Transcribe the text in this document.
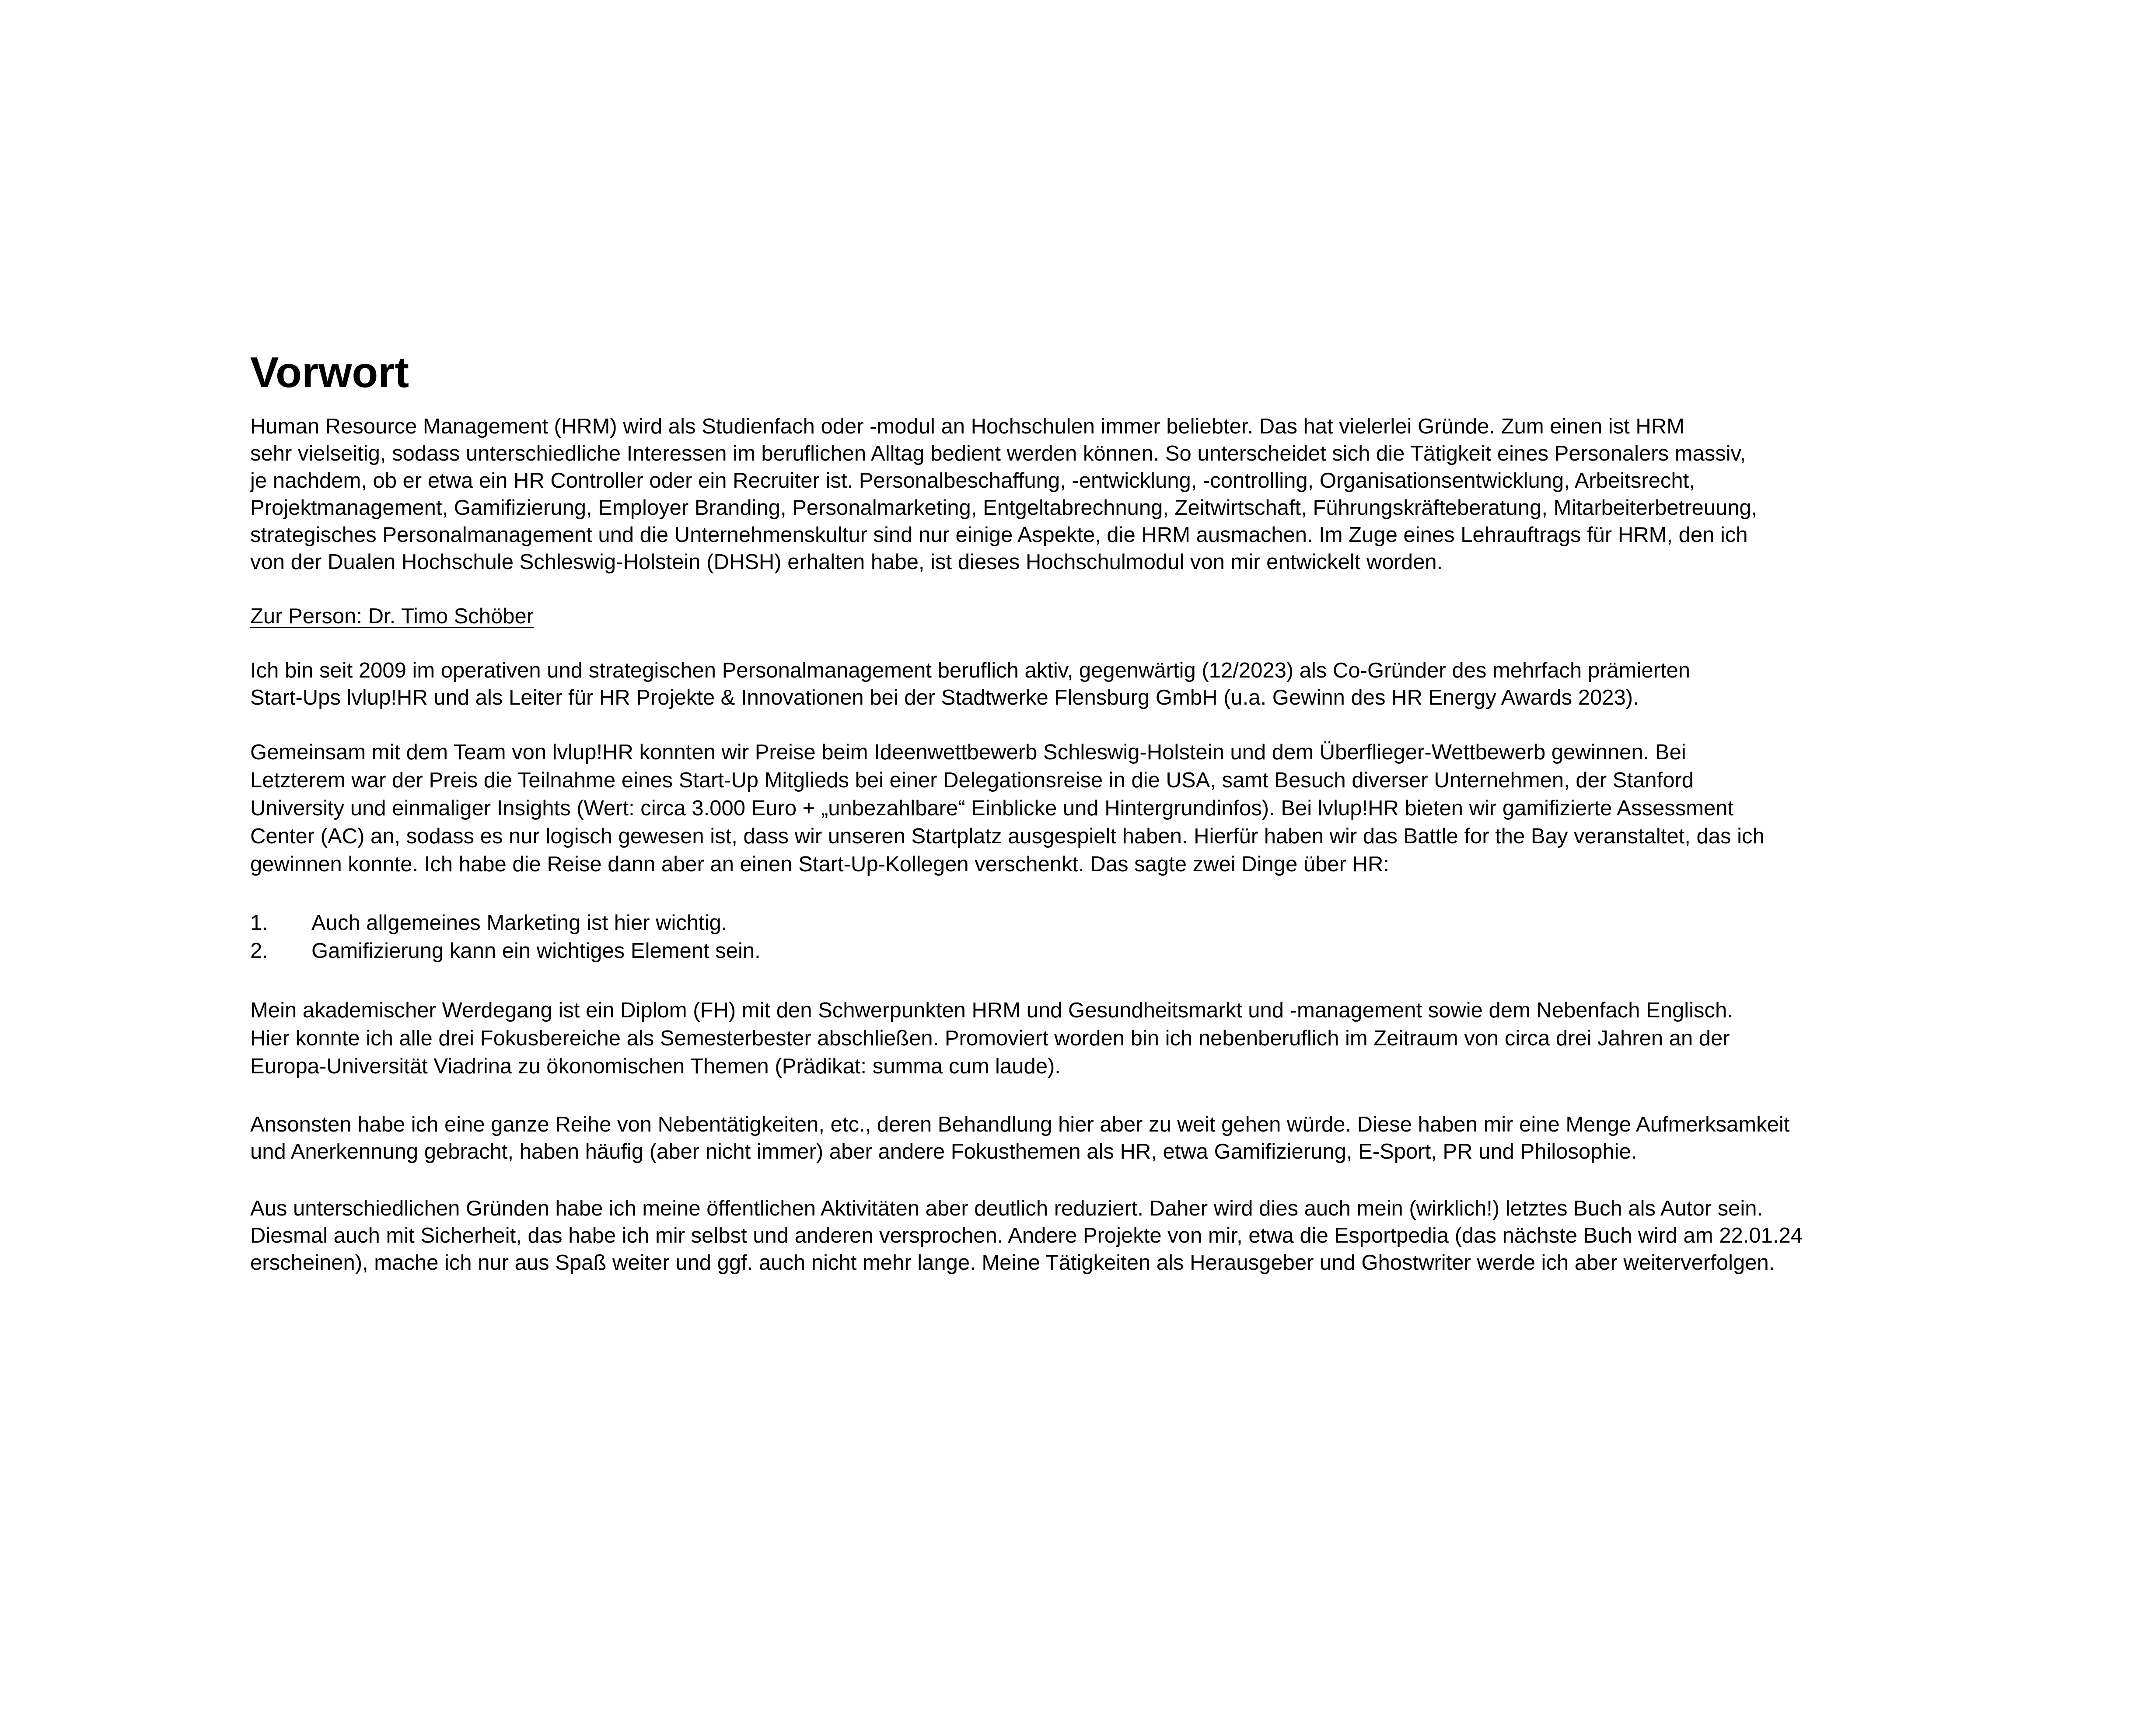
Vorwort

Human Resource Management (HRM) wird als Studienfach oder -modul an Hochschulen immer beliebter. Das hat vielerlei Gründe. Zum einen ist HRM
sehr vielseitig, sodass unterschiedliche Interessen im beruflichen Alltag bedient werden können. So unterscheidet sich die Tätigkeit eines Personalers massiv,
je nachdem, ob er etwa ein HR Controller oder ein Recruiter ist. Personalbeschaffung, -entwicklung, -controlling, Organisationsentwicklung, Arbeitsrecht,
Projektmanagement, Gamifizierung, Employer Branding, Personalmarketing, Entgeltabrechnung, Zeitwirtschaft, Führungskräfteberatung, Mitarbeiterbetreuung,
strategisches Personalmanagement und die Unternehmenskultur sind nur einige Aspekte, die HRM ausmachen. Im Zuge eines Lehrauftrags für HRM, den ich
von der Dualen Hochschule Schleswig-Holstein (DHSH) erhalten habe, ist dieses Hochschulmodul von mir entwickelt worden.

Zur Person: Dr. Timo Schöber

Ich bin seit 2009 im operativen und strategischen Personalmanagement beruflich aktiv, gegenwärtig (12/2023) als Co-Gründer des mehrfach prämierten
Start-Ups lvlup!HR und als Leiter für HR Projekte & Innovationen bei der Stadtwerke Flensburg GmbH (u.a. Gewinn des HR Energy Awards 2023).

Gemeinsam mit dem Team von lvlup!HR konnten wir Preise beim Ideenwettbewerb Schleswig-Holstein und dem Überflieger-Wettbewerb gewinnen. Bei
Letzterem war der Preis die Teilnahme eines Start-Up Mitglieds bei einer Delegationsreise in die USA, samt Besuch diverser Unternehmen, der Stanford
University und einmaliger Insights (Wert: circa 3.000 Euro + „unbezahlbare“ Einblicke und Hintergrundinfos). Bei lvlup!HR bieten wir gamifizierte Assessment
Center (AC) an, sodass es nur logisch gewesen ist, dass wir unseren Startplatz ausgespielt haben. Hierfür haben wir das Battle for the Bay veranstaltet, das ich
gewinnen konnte. Ich habe die Reise dann aber an einen Start-Up-Kollegen verschenkt. Das sagte zwei Dinge über HR:

1.	Auch allgemeines Marketing ist hier wichtig.
2.	Gamifizierung kann ein wichtiges Element sein.

Mein akademischer Werdegang ist ein Diplom (FH) mit den Schwerpunkten HRM und Gesundheitsmarkt und -management sowie dem Nebenfach Englisch.
Hier konnte ich alle drei Fokusbereiche als Semesterbester abschließen. Promoviert worden bin ich nebenberuflich im Zeitraum von circa drei Jahren an der
Europa-Universität Viadrina zu ökonomischen Themen (Prädikat: summa cum laude).

Ansonsten habe ich eine ganze Reihe von Nebentätigkeiten, etc., deren Behandlung hier aber zu weit gehen würde. Diese haben mir eine Menge Aufmerksamkeit
und Anerkennung gebracht, haben häufig (aber nicht immer) aber andere Fokusthemen als HR, etwa Gamifizierung, E-Sport, PR und Philosophie.

Aus unterschiedlichen Gründen habe ich meine öffentlichen Aktivitäten aber deutlich reduziert. Daher wird dies auch mein (wirklich!) letztes Buch als Autor sein.
Diesmal auch mit Sicherheit, das habe ich mir selbst und anderen versprochen. Andere Projekte von mir, etwa die Esportpedia (das nächste Buch wird am 22.01.24
erscheinen), mache ich nur aus Spaß weiter und ggf. auch nicht mehr lange. Meine Tätigkeiten als Herausgeber und Ghostwriter werde ich aber weiterverfolgen.
